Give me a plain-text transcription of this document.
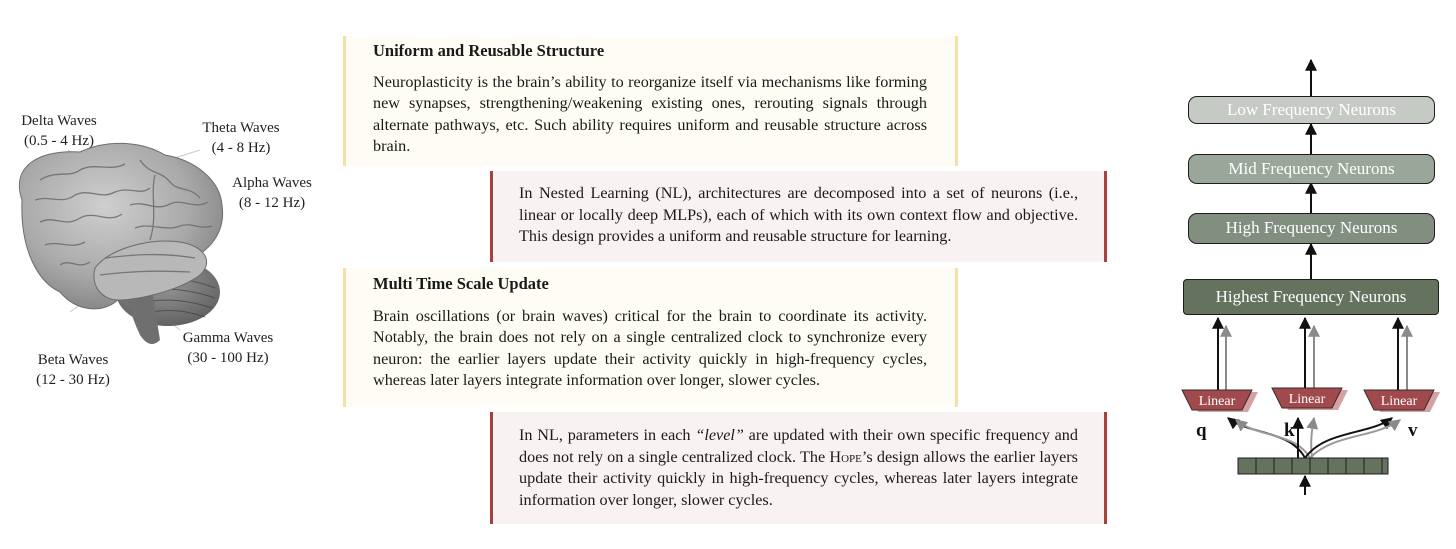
Delta Waves
(0.5 - 4 Hz)
Theta Waves
(4 - 8 Hz)
Alpha Waves
(8 - 12 Hz)
Beta Waves
(12 - 30 Hz)
Gamma Waves
(30 - 100 Hz)
Uniform and Reusable Structure

Neuroplasticity is the brain’s ability to reorganize itself via mechanisms like forming new synapses, strengthening/weakening existing ones, rerouting signals through alternate pathways, etc. Such ability requires uniform and reusable structure across brain.

In Nested Learning (NL), architectures are decomposed into a set of neurons (i.e., linear or locally deep MLPs), each of which with its own context flow and objective. This design provides a uniform and reusable structure for learning.

Multi Time Scale Update

Brain oscillations (or brain waves) critical for the brain to coordinate its activity. Notably, the brain does not rely on a single centralized clock to synchronize every neuron: the earlier layers update their activity quickly in high-frequency cycles, whereas later layers integrate information over longer, slower cycles.

In NL, parameters in each “level” are updated with their own specific frequency and does not rely on a single centralized clock. The Hope’s design allows the earlier layers update their activity quickly in high-frequency cycles, whereas later layers integrate information over longer, slower cycles.

Linear	Linear	Linear
Low Frequency Neurons
Mid Frequency Neurons
High Frequency Neurons
Highest Frequency Neurons
q	k	v
